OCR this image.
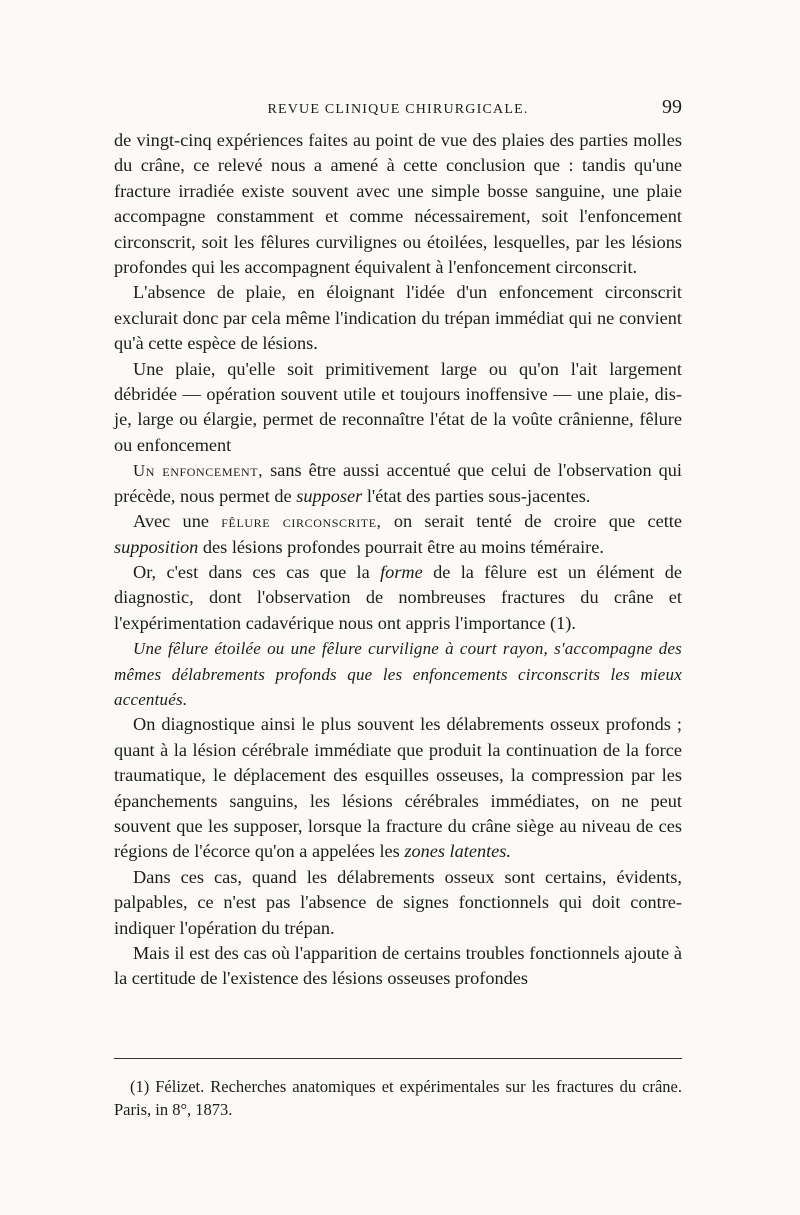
REVUE CLINIQUE CHIRURGICALE.	99

de vingt-cinq expériences faites au point de vue des plaies des parties molles du crâne, ce relevé nous a amené à cette conclusion que : tandis qu'une fracture irradiée existe souvent avec une simple bosse sanguine, une plaie accompagne constamment et comme nécessairement, soit l'enfoncement circonscrit, soit les fêlures curvilignes ou étoilées, lesquelles, par les lésions profondes qui les accompagnent équivalent à l'enfoncement circonscrit.

L'absence de plaie, en éloignant l'idée d'un enfoncement circonscrit exclurait donc par cela même l'indication du trépan immédiat qui ne convient qu'à cette espèce de lésions.

Une plaie, qu'elle soit primitivement large ou qu'on l'ait largement débridée — opération souvent utile et toujours inoffensive — une plaie, dis-je, large ou élargie, permet de reconnaître l'état de la voûte crânienne, fêlure ou enfoncement

Un enfoncement, sans être aussi accentué que celui de l'observation qui précède, nous permet de supposer l'état des parties sous-jacentes.

Avec une fêlure circonscrite, on serait tenté de croire que cette supposition des lésions profondes pourrait être au moins téméraire.

Or, c'est dans ces cas que la forme de la fêlure est un élément de diagnostic, dont l'observation de nombreuses fractures du crâne et l'expérimentation cadavérique nous ont appris l'importance (1).

Une fêlure étoilée ou une fêlure curviligne à court rayon, s'accompagne des mêmes délabrements profonds que les enfoncements circonscrits les mieux accentués.

On diagnostique ainsi le plus souvent les délabrements osseux profonds ; quant à la lésion cérébrale immédiate que produit la continuation de la force traumatique, le déplacement des esquilles osseuses, la compression par les épanchements sanguins, les lésions cérébrales immédiates, on ne peut souvent que les supposer, lorsque la fracture du crâne siège au niveau de ces régions de l'écorce qu'on a appelées les zones latentes.

Dans ces cas, quand les délabrements osseux sont certains, évidents, palpables, ce n'est pas l'absence de signes fonctionnels qui doit contre-indiquer l'opération du trépan.

Mais il est des cas où l'apparition de certains troubles fonctionnels ajoute à la certitude de l'existence des lésions osseuses profondes

(1) Félizet. Recherches anatomiques et expérimentales sur les fractures du crâne. Paris, in 8°, 1873.
